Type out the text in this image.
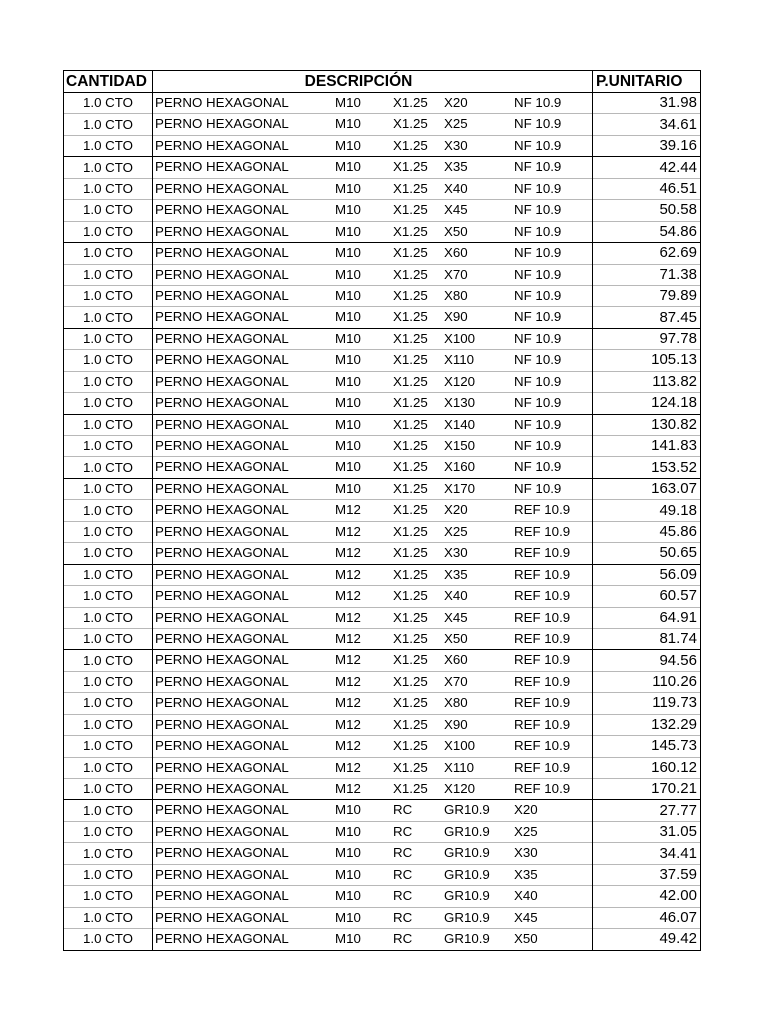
CANTIDAD	DESCRIPCIÓN	P.UNITARIO
1.0 CTO	PERNO HEXAGONAL M10 X1.25 X20 NF 10.9	31.98
1.0 CTO	PERNO HEXAGONAL M10 X1.25 X25 NF 10.9	34.61
1.0 CTO	PERNO HEXAGONAL M10 X1.25 X30 NF 10.9	39.16
1.0 CTO	PERNO HEXAGONAL M10 X1.25 X35 NF 10.9	42.44
1.0 CTO	PERNO HEXAGONAL M10 X1.25 X40 NF 10.9	46.51
1.0 CTO	PERNO HEXAGONAL M10 X1.25 X45 NF 10.9	50.58
1.0 CTO	PERNO HEXAGONAL M10 X1.25 X50 NF 10.9	54.86
1.0 CTO	PERNO HEXAGONAL M10 X1.25 X60 NF 10.9	62.69
1.0 CTO	PERNO HEXAGONAL M10 X1.25 X70 NF 10.9	71.38
1.0 CTO	PERNO HEXAGONAL M10 X1.25 X80 NF 10.9	79.89
1.0 CTO	PERNO HEXAGONAL M10 X1.25 X90 NF 10.9	87.45
1.0 CTO	PERNO HEXAGONAL M10 X1.25 X100 NF 10.9	97.78
1.0 CTO	PERNO HEXAGONAL M10 X1.25 X110 NF 10.9	105.13
1.0 CTO	PERNO HEXAGONAL M10 X1.25 X120 NF 10.9	113.82
1.0 CTO	PERNO HEXAGONAL M10 X1.25 X130 NF 10.9	124.18
1.0 CTO	PERNO HEXAGONAL M10 X1.25 X140 NF 10.9	130.82
1.0 CTO	PERNO HEXAGONAL M10 X1.25 X150 NF 10.9	141.83
1.0 CTO	PERNO HEXAGONAL M10 X1.25 X160 NF 10.9	153.52
1.0 CTO	PERNO HEXAGONAL M10 X1.25 X170 NF 10.9	163.07
1.0 CTO	PERNO HEXAGONAL M12 X1.25 X20 REF 10.9	49.18
1.0 CTO	PERNO HEXAGONAL M12 X1.25 X25 REF 10.9	45.86
1.0 CTO	PERNO HEXAGONAL M12 X1.25 X30 REF 10.9	50.65
1.0 CTO	PERNO HEXAGONAL M12 X1.25 X35 REF 10.9	56.09
1.0 CTO	PERNO HEXAGONAL M12 X1.25 X40 REF 10.9	60.57
1.0 CTO	PERNO HEXAGONAL M12 X1.25 X45 REF 10.9	64.91
1.0 CTO	PERNO HEXAGONAL M12 X1.25 X50 REF 10.9	81.74
1.0 CTO	PERNO HEXAGONAL M12 X1.25 X60 REF 10.9	94.56
1.0 CTO	PERNO HEXAGONAL M12 X1.25 X70 REF 10.9	110.26
1.0 CTO	PERNO HEXAGONAL M12 X1.25 X80 REF 10.9	119.73
1.0 CTO	PERNO HEXAGONAL M12 X1.25 X90 REF 10.9	132.29
1.0 CTO	PERNO HEXAGONAL M12 X1.25 X100 REF 10.9	145.73
1.0 CTO	PERNO HEXAGONAL M12 X1.25 X110 REF 10.9	160.12
1.0 CTO	PERNO HEXAGONAL M12 X1.25 X120 REF 10.9	170.21
1.0 CTO	PERNO HEXAGONAL M10 RC GR10.9 X20	27.77
1.0 CTO	PERNO HEXAGONAL M10 RC GR10.9 X25	31.05
1.0 CTO	PERNO HEXAGONAL M10 RC GR10.9 X30	34.41
1.0 CTO	PERNO HEXAGONAL M10 RC GR10.9 X35	37.59
1.0 CTO	PERNO HEXAGONAL M10 RC GR10.9 X40	42.00
1.0 CTO	PERNO HEXAGONAL M10 RC GR10.9 X45	46.07
1.0 CTO	PERNO HEXAGONAL M10 RC GR10.9 X50	49.42
